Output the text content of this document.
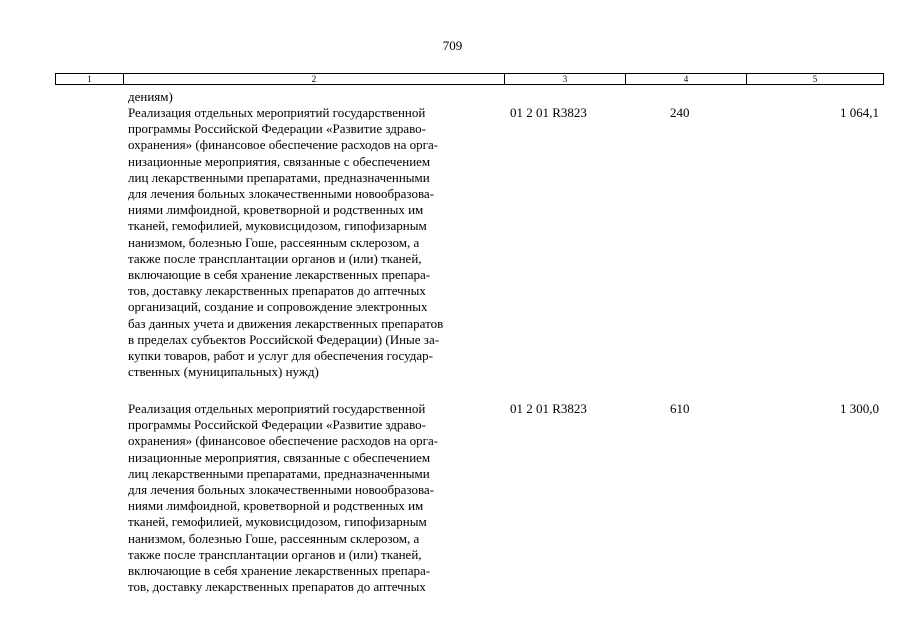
709
1	2	3	4	5
дениям)
Реализация отдельных мероприятий государственной
программы Российской Федерации «Развитие здраво-
охранения» (финансовое обеспечение расходов на орга-
низационные мероприятия, связанные с обеспечением
лиц лекарственными препаратами, предназначенными
для лечения больных злокачественными новообразова-
ниями лимфоидной, кроветворной и родственных им
тканей, гемофилией, муковисцидозом, гипофизарным
нанизмом, болезнью Гоше, рассеянным склерозом, а
также после трансплантации органов и (или) тканей,
включающие в себя хранение лекарственных препара-
тов, доставку лекарственных препаратов до аптечных
организаций, создание и сопровождение электронных
баз данных учета и движения лекарственных препаратов
в пределах субъектов Российской Федерации) (Иные за-
купки товаров, работ и услуг для обеспечения государ-
ственных (муниципальных) нужд)
01 2 01 R3823	240	1 064,1
Реализация отдельных мероприятий государственной
программы Российской Федерации «Развитие здраво-
охранения» (финансовое обеспечение расходов на орга-
низационные мероприятия, связанные с обеспечением
лиц лекарственными препаратами, предназначенными
для лечения больных злокачественными новообразова-
ниями лимфоидной, кроветворной и родственных им
тканей, гемофилией, муковисцидозом, гипофизарным
нанизмом, болезнью Гоше, рассеянным склерозом, а
также после трансплантации органов и (или) тканей,
включающие в себя хранение лекарственных препара-
тов, доставку лекарственных препаратов до аптечных
01 2 01 R3823	610	1 300,0
